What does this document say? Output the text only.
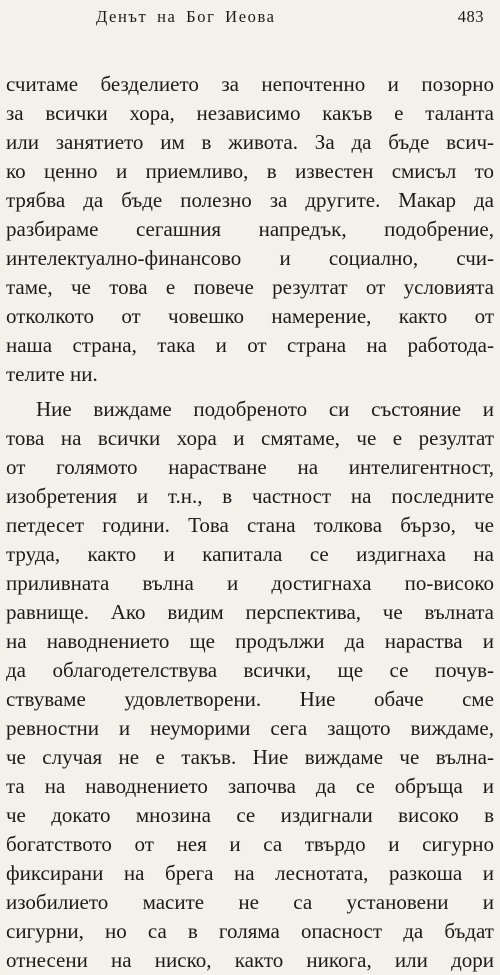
Денът на Бог Иеова	483
считаме безделието за непочтенно и позорно
за всички хора, независимо какъв е таланта
или занятието им в живота. За да бъде всич-
ко ценно и приемливо, в известен смисъл то
трябва да бъде полезно за другите. Макар да
разбираме сегашния напредък, подобрение,
интелектуално-финансово и социално, счи-
таме, че това е повече резултат от условията
отколкото от човешко намерение, както от
наша страна, така и от страна на работода-
телите ни.
Ние виждаме подобреното си състояние и
това на всички хора и смятаме, че е резултат
от голямото нарастване на интелигентност,
изобретения и т.н., в частност на последните
петдесет години. Това стана толкова бързо, че
труда, както и капитала се издигнаха на
приливната вълна и достигнаха по-високо
равнище. Ако видим перспектива, че вълната
на наводнението ще продължи да нараства и
да облагодетелствува всички, ще се почув-
ствуваме удовлетворени. Ние обаче сме
ревностни и неуморими сега защото виждаме,
че случая не е такъв. Ние виждаме че вълна-
та на наводнението започва да се обръща и
че докато мнозина се издигнали високо в
богатството от нея и са твърдо и сигурно
фиксирани на брега на леснотата, разкоша и
изобилието масите не са установени и
сигурни, но са в голяма опасност да бъдат
отнесени на ниско, както никога, или дори
